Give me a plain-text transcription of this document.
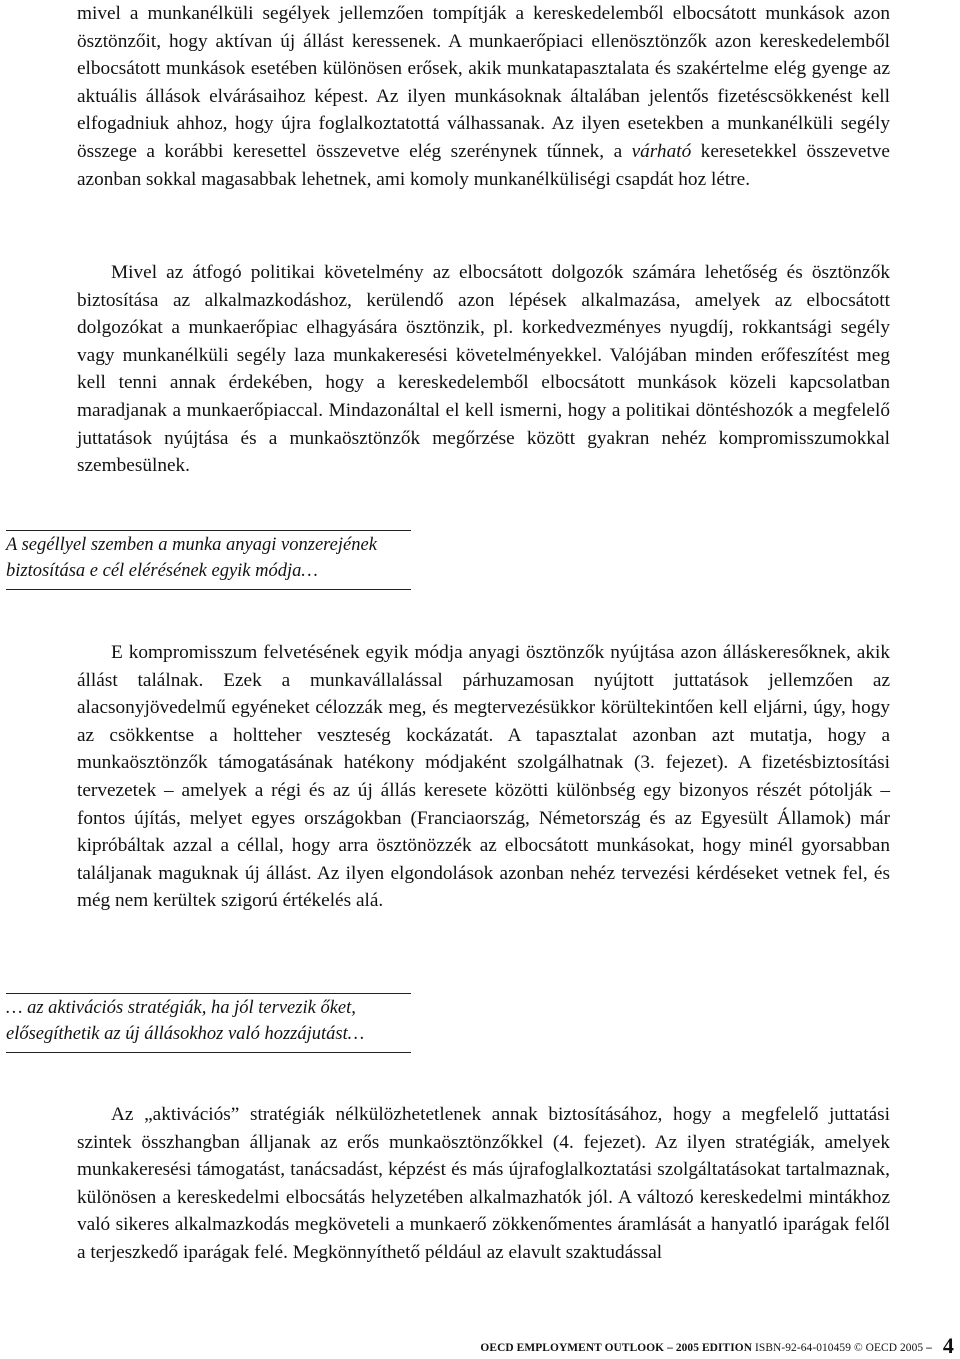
mivel a munkanélküli segélyek jellemzően tompítják a kereskedelemből elbocsátott munkások azon ösztönzőit, hogy aktívan új állást keressenek. A munkaerőpiaci ellenösztönzők azon kereskedelemből elbocsátott munkások esetében különösen erősek, akik munkatapasztalata és szakértelme elég gyenge az aktuális állások elvárásaihoz képest. Az ilyen munkásoknak általában jelentős fizetéscsökkenést kell elfogadniuk ahhoz, hogy újra foglalkoztatottá válhassanak. Az ilyen esetekben a munkanélküli segély összege a korábbi keresettel összevetve elég szerénynek tűnnek, a várható keresetekkel összevetve azonban sokkal magasabbak lehetnek, ami komoly munkanélküliségi csapdát hoz létre.

Mivel az átfogó politikai követelmény az elbocsátott dolgozók számára lehetőség és ösztönzők biztosítása az alkalmazkodáshoz, kerülendő azon lépések alkalmazása, amelyek az elbocsátott dolgozókat a munkaerőpiac elhagyására ösztönzik, pl. korkedvezményes nyugdíj, rokkantsági segély vagy munkanélküli segély laza munkakeresési követelményekkel. Valójában minden erőfeszítést meg kell tenni annak érdekében, hogy a kereskedelemből elbocsátott munkások közeli kapcsolatban maradjanak a munkaerőpiaccal. Mindazonáltal el kell ismerni, hogy a politikai döntéshozók a megfelelő juttatások nyújtása és a munkaösztönzők megőrzése között gyakran nehéz kompromisszumokkal szembesülnek.

A segéllyel szemben a munka anyagi vonzerejének biztosítása e cél elérésének egyik módja…

E kompromisszum felvetésének egyik módja anyagi ösztönzők nyújtása azon álláskeresőknek, akik állást találnak. Ezek a munkavállalással párhuzamosan nyújtott juttatások jellemzően az alacsonyjövedelmű egyéneket célozzák meg, és megtervezésükkor körültekintően kell eljárni, úgy, hogy az csökkentse a holtteher veszteség kockázatát. A tapasztalat azonban azt mutatja, hogy a munkaösztönzők támogatásának hatékony módjaként szolgálhatnak (3. fejezet). A fizetésbiztosítási tervezetek – amelyek a régi és az új állás keresete közötti különbség egy bizonyos részét pótolják – fontos újítás, melyet egyes országokban (Franciaország, Németország és az Egyesült Államok) már kipróbáltak azzal a céllal, hogy arra ösztönözzék az elbocsátott munkásokat, hogy minél gyorsabban találjanak maguknak új állást. Az ilyen elgondolások azonban nehéz tervezési kérdéseket vetnek fel, és még nem kerültek szigorú értékelés alá.

… az aktivációs stratégiák, ha jól tervezik őket, elősegíthetik az új állásokhoz való hozzájutást…

Az „aktivációs” stratégiák nélkülözhetetlenek annak biztosításához, hogy a megfelelő juttatási szintek összhangban álljanak az erős munkaösztönzőkkel (4. fejezet). Az ilyen stratégiák, amelyek munkakeresési támogatást, tanácsadást, képzést és más újrafoglalkoztatási szolgáltatásokat tartalmaznak, különösen a kereskedelmi elbocsátás helyzetében alkalmazhatók jól. A változó kereskedelmi mintákhoz való sikeres alkalmazkodás megköveteli a munkaerő zökkenőmentes áramlását a hanyatló iparágak felől a terjeszkedő iparágak felé. Megkönnyíthető például az elavult szaktudással

OECD EMPLOYMENT OUTLOOK – 2005 EDITION ISBN-92-64-010459 © OECD 2005 – 4
